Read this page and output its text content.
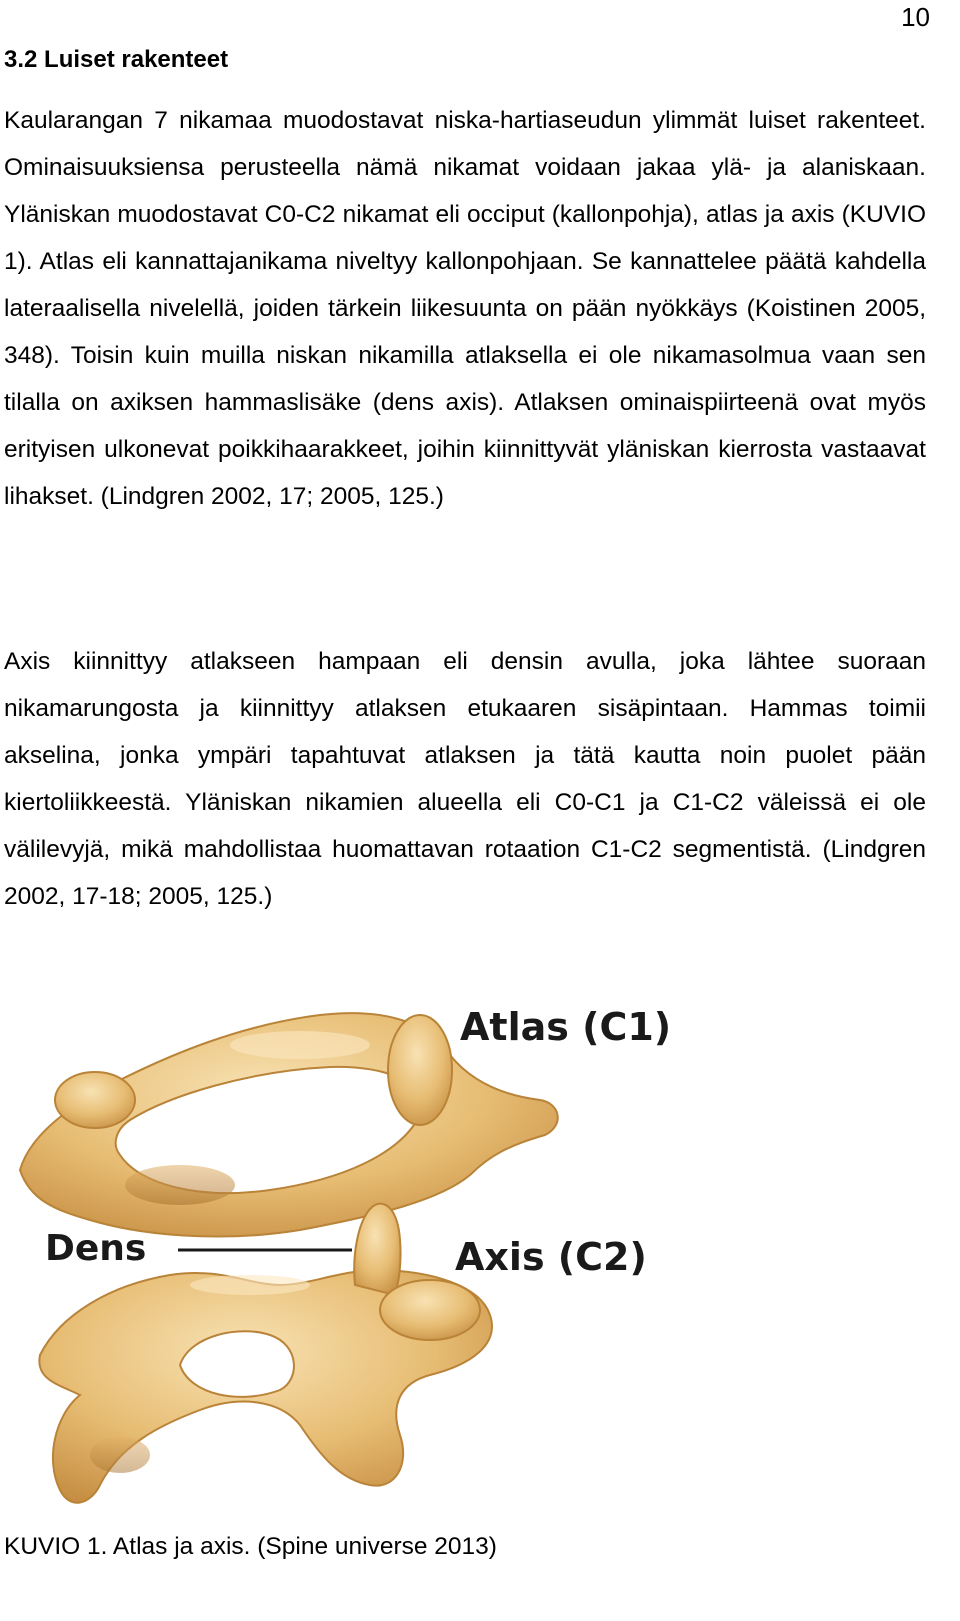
10
3.2 Luiset rakenteet

Kaularangan 7 nikamaa muodostavat niska-hartiaseudun ylimmät luiset rakenteet. Ominaisuuksiensa perusteella nämä nikamat voidaan jakaa ylä- ja alaniskaan. Yläniskan muodostavat C0-C2 nikamat eli occiput (kallonpohja), atlas ja axis (KUVIO 1). Atlas eli kannattajanikama niveltyy kallonpohjaan. Se kannattelee päätä kahdella lateraalisella nivelellä, joiden tärkein liikesuunta on pään nyökkäys (Koistinen 2005, 348). Toisin kuin muilla niskan nikamilla atlaksella ei ole nikamasolmua vaan sen tilalla on axiksen hammaslisäke (dens axis). Atlaksen ominaispiirteenä ovat myös erityisen ulkonevat poikkihaarakkeet, joihin kiinnittyvät yläniskan kierrosta vastaavat lihakset. (Lindgren 2002, 17; 2005, 125.)

Axis kiinnittyy atlakseen hampaan eli densin avulla, joka lähtee suoraan nikamarungosta ja kiinnittyy atlaksen etukaaren sisäpintaan. Hammas toimii akselina, jonka ympäri tapahtuvat atlaksen ja tätä kautta noin puolet pään kiertoliikkeestä. Yläniskan nikamien alueella eli C0-C1 ja C1-C2 väleissä ei ole välilevyjä, mikä mahdollistaa huomattavan rotaation C1-C2 segmentistä. (Lindgren 2002, 17-18; 2005, 125.)

Atlas (C1)
Dens	Axis (C2)

KUVIO 1. Atlas ja axis. (Spine universe 2013)
